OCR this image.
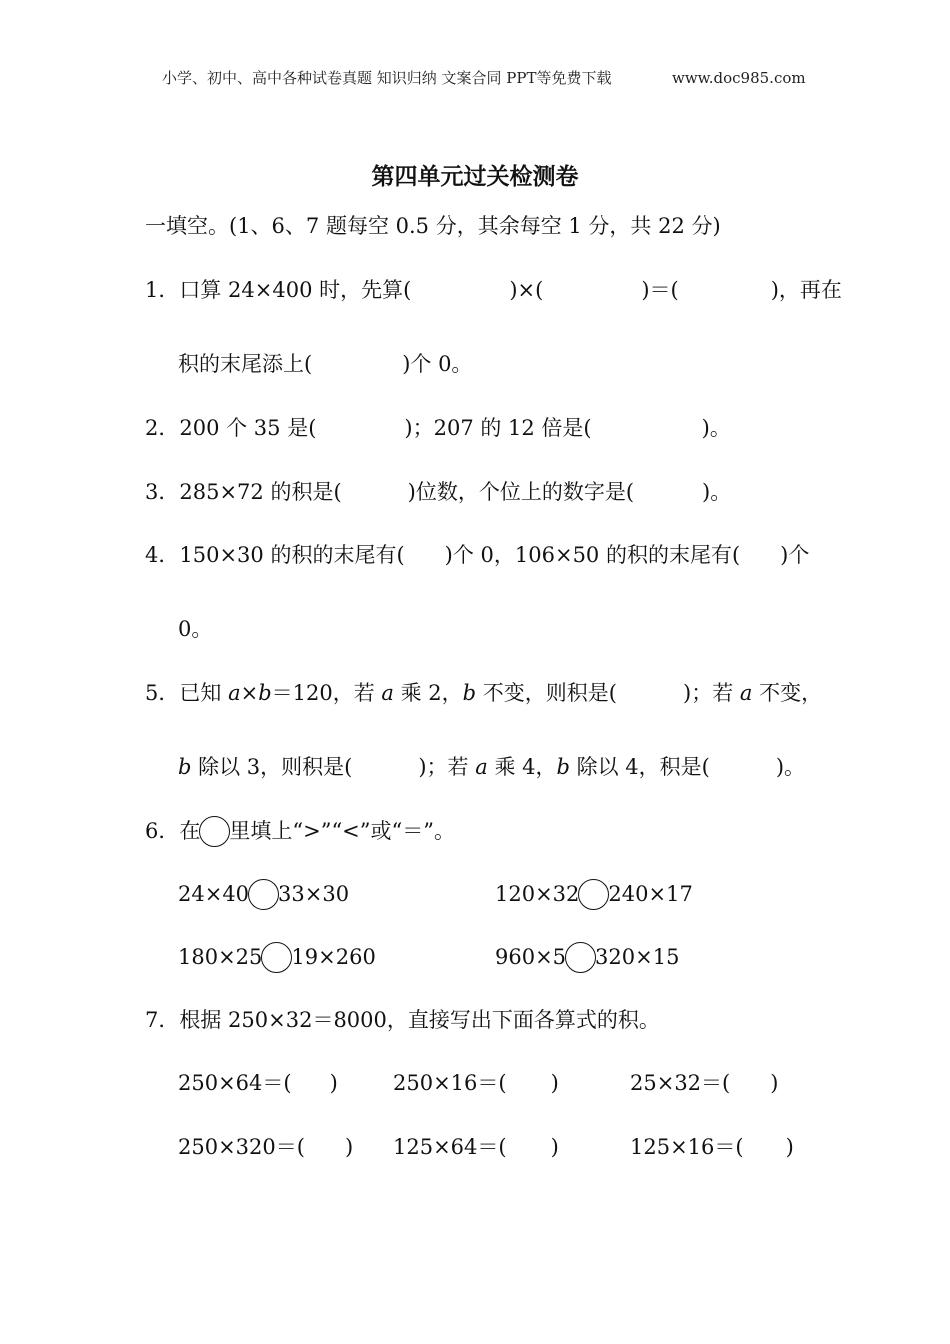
小学、初中、高中各种试卷真题 知识归纳 文案合同 PPT等免费下载	www.doc985.com
第四单元过关检测卷
一填空。(1、6、7 题每空 0.5 分，其余每空 1 分，共 22 分)
1．口算 24×400 时，先算(	)×(	)＝(	)，再在
积的末尾添上(	)个 0。
2．200 个 35 是(	)；207 的 12 倍是(	)。
3．285×72 的积是(	)位数，个位上的数字是(	)。
4．150×30 的积的末尾有( )个 0，106×50 的积的末尾有( )个
0。
5．已知 a×b＝120，若 a 乘 2，b 不变，则积是(	)；若 a 不变，
b 除以 3，则积是(	)；若 a 乘 4，b 除以 4，积是(	)。
6．在 里填上“>”“<”或“＝”。
24×40 33×30	120×32 240×17
180×25 19×260	960×5 320×15
7．根据 250×32＝8000，直接写出下面各算式的积。
250×64＝( )	250×16＝( )	25×32＝( )
250×320＝( ) 125×64＝( )	125×16＝( )
